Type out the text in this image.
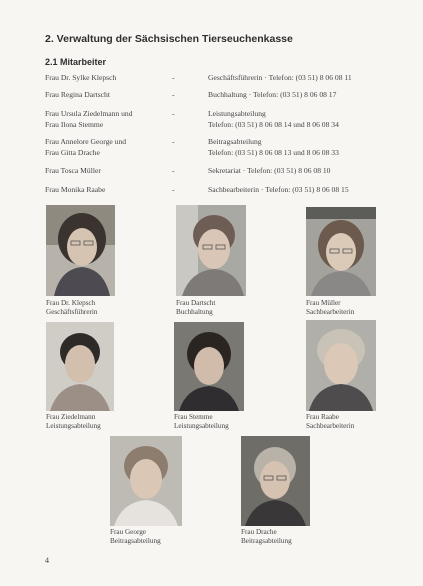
2. Verwaltung der Sächsischen Tierseuchenkasse
2.1 Mitarbeiter
Frau Dr. Sylke Klepsch	-	Geschäftsführerin · Telefon: (03 51) 8 06 08 11
Frau Regina Dartscht	-	Buchhaltung · Telefon: (03 51) 8 06 08 17
Frau Ursula Ziedelmann und
Frau Ilona Stemme
-	Leistungsabteilung
Telefon: (03 51) 8 06 08 14 und 8 06 08 34
Frau Annelore George und
Frau Gitta Drache
-	Beitragsabteilung
Telefon: (03 51) 8 06 08 13 und 8 06 08 33
Frau Tosca Müller	-	Sekretariat · Telefon: (03 51) 8 06 08 10
Frau Monika Raabe	-	Sachbearbeiterin · Telefon: (03 51) 8 06 08 15
Frau Dr. Klepsch
Geschäftsführerin
Frau Dartscht
Buchhaltung
Frau Müller
Sachbearbeiterin
Frau Ziedelmann
Leistungsabteilung
Frau Stemme
Leistungsabteilung
Frau Raabe
Sachbearbeiterin
Frau George
Beitragsabteilung
Frau Drache
Beitragsabteilung
4
